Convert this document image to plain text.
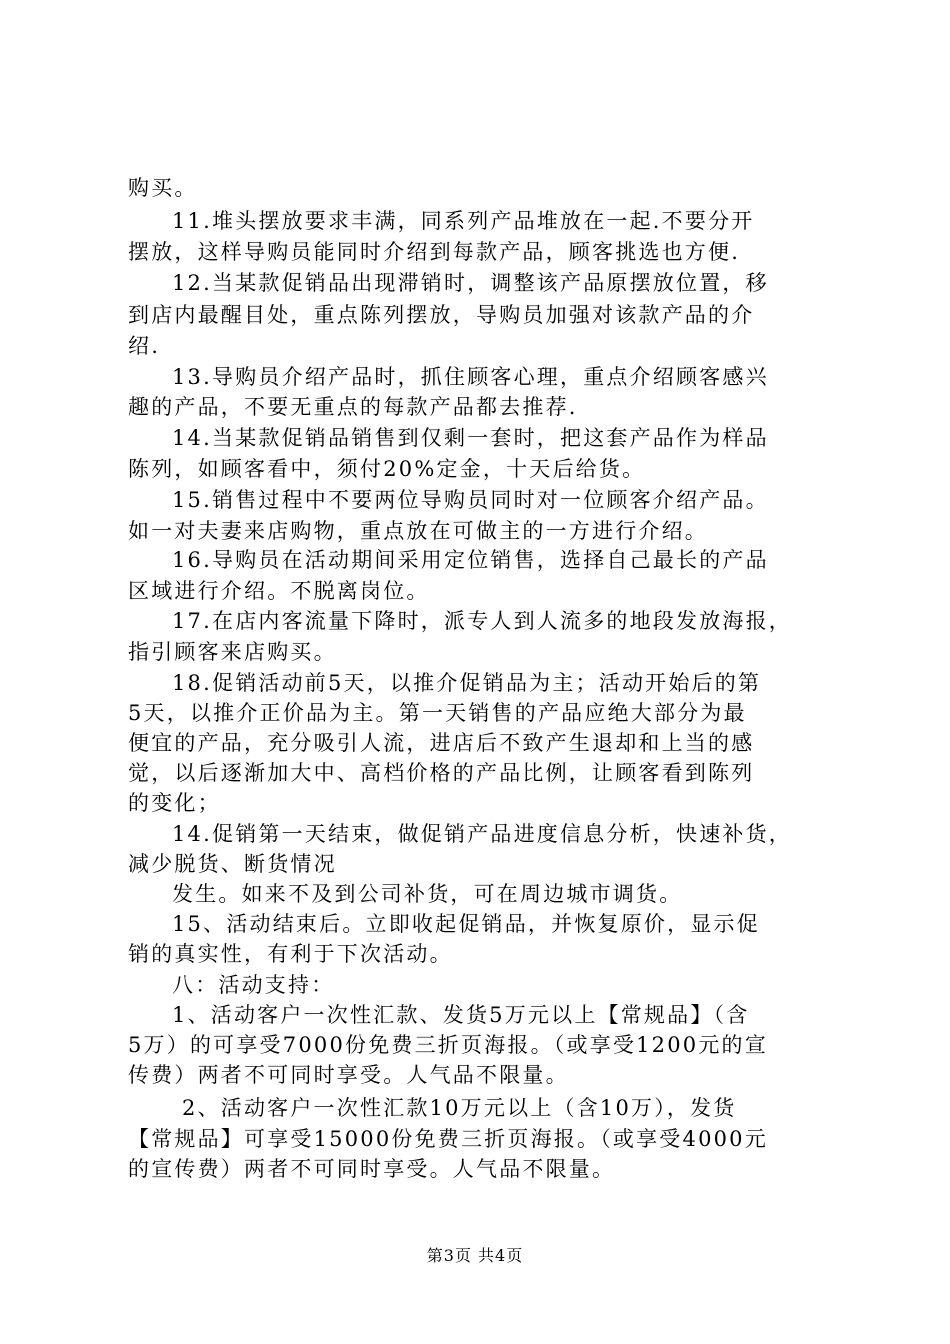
购买。
11.堆头摆放要求丰满，同系列产品堆放在一起.不要分开
摆放，这样导购员能同时介绍到每款产品，顾客挑选也方便.
12.当某款促销品出现滞销时，调整该产品原摆放位置，移
到店内最醒目处，重点陈列摆放，导购员加强对该款产品的介
绍.
13.导购员介绍产品时，抓住顾客心理，重点介绍顾客感兴
趣的产品，不要无重点的每款产品都去推荐.
14.当某款促销品销售到仅剩一套时，把这套产品作为样品
陈列，如顾客看中，须付20%定金，十天后给货。
15.销售过程中不要两位导购员同时对一位顾客介绍产品。
如一对夫妻来店购物，重点放在可做主的一方进行介绍。
16.导购员在活动期间采用定位销售，选择自己最长的产品
区域进行介绍。不脱离岗位。
17.在店内客流量下降时，派专人到人流多的地段发放海报，
指引顾客来店购买。
18.促销活动前5天，以推介促销品为主；活动开始后的第
5天，以推介正价品为主。第一天销售的产品应绝大部分为最
便宜的产品，充分吸引人流，进店后不致产生退却和上当的感
觉，以后逐渐加大中、高档价格的产品比例，让顾客看到陈列
的变化；
14.促销第一天结束，做促销产品进度信息分析，快速补货，
减少脱货、断货情况
发生。如来不及到公司补货，可在周边城市调货。
15、活动结束后。立即收起促销品，并恢复原价，显示促
销的真实性，有利于下次活动。
八：活动支持：
1、活动客户一次性汇款、发货5万元以上【常规品】（含
5万）的可享受7000份免费三折页海报。（或享受1200元的宣
传费）两者不可同时享受。人气品不限量。
2、活动客户一次性汇款10万元以上（含10万），发货
【常规品】可享受15000份免费三折页海报。（或享受4000元
的宣传费）两者不可同时享受。人气品不限量。
第3页 共4页
